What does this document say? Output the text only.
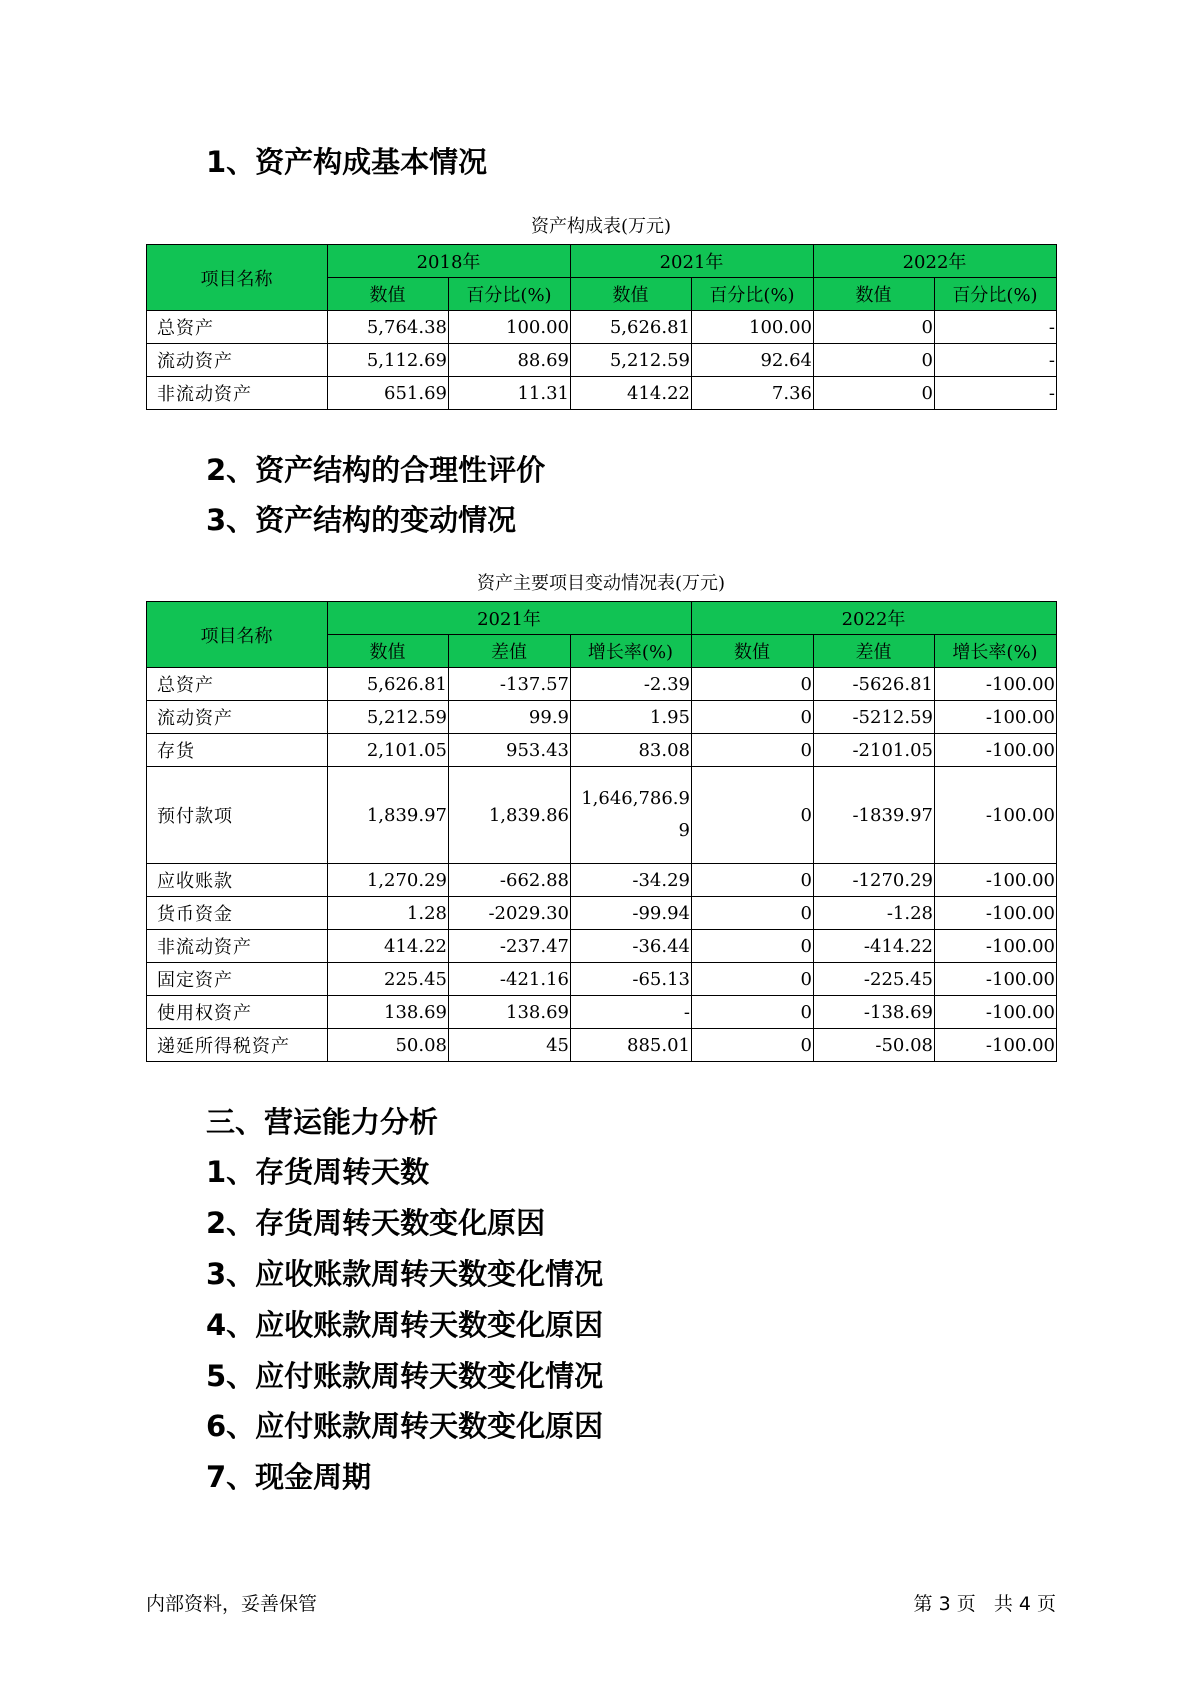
1、资产构成基本情况
资产构成表(万元)
项目名称	2018年		2021年		2022年	
	数值	百分比(%)	数值	百分比(%)	数值	百分比(%)
总资产	5,764.38	100.00	5,626.81	100.00	0	-
流动资产	5,112.69	88.69	5,212.59	92.64	0	-
非流动资产	651.69	11.31	414.22	7.36	0	-
2、资产结构的合理性评价
3、资产结构的变动情况
资产主要项目变动情况表(万元)
项目名称	2021年			2022年		
	数值	差值	增长率(%)	数值	差值	增长率(%)
总资产	5,626.81	-137.57	-2.39	0	-5626.81	-100.00
流动资产	5,212.59	99.9	1.95	0	-5212.59	-100.00
存货	2,101.05	953.43	83.08	0	-2101.05	-100.00
预付款项	1,839.97	1,839.86	1,646,786.99	0	-1839.97	-100.00
应收账款	1,270.29	-662.88	-34.29	0	-1270.29	-100.00
货币资金	1.28	-2029.30	-99.94	0	-1.28	-100.00
非流动资产	414.22	-237.47	-36.44	0	-414.22	-100.00
固定资产	225.45	-421.16	-65.13	0	-225.45	-100.00
使用权资产	138.69	138.69	-	0	-138.69	-100.00
递延所得税资产	50.08	45	885.01	0	-50.08	-100.00
三、营运能力分析
1、存货周转天数
2、存货周转天数变化原因
3、应收账款周转天数变化情况
4、应收账款周转天数变化原因
5、应付账款周转天数变化情况
6、应付账款周转天数变化原因
7、现金周期
内部资料，妥善保管	第 3 页   共 4 页
